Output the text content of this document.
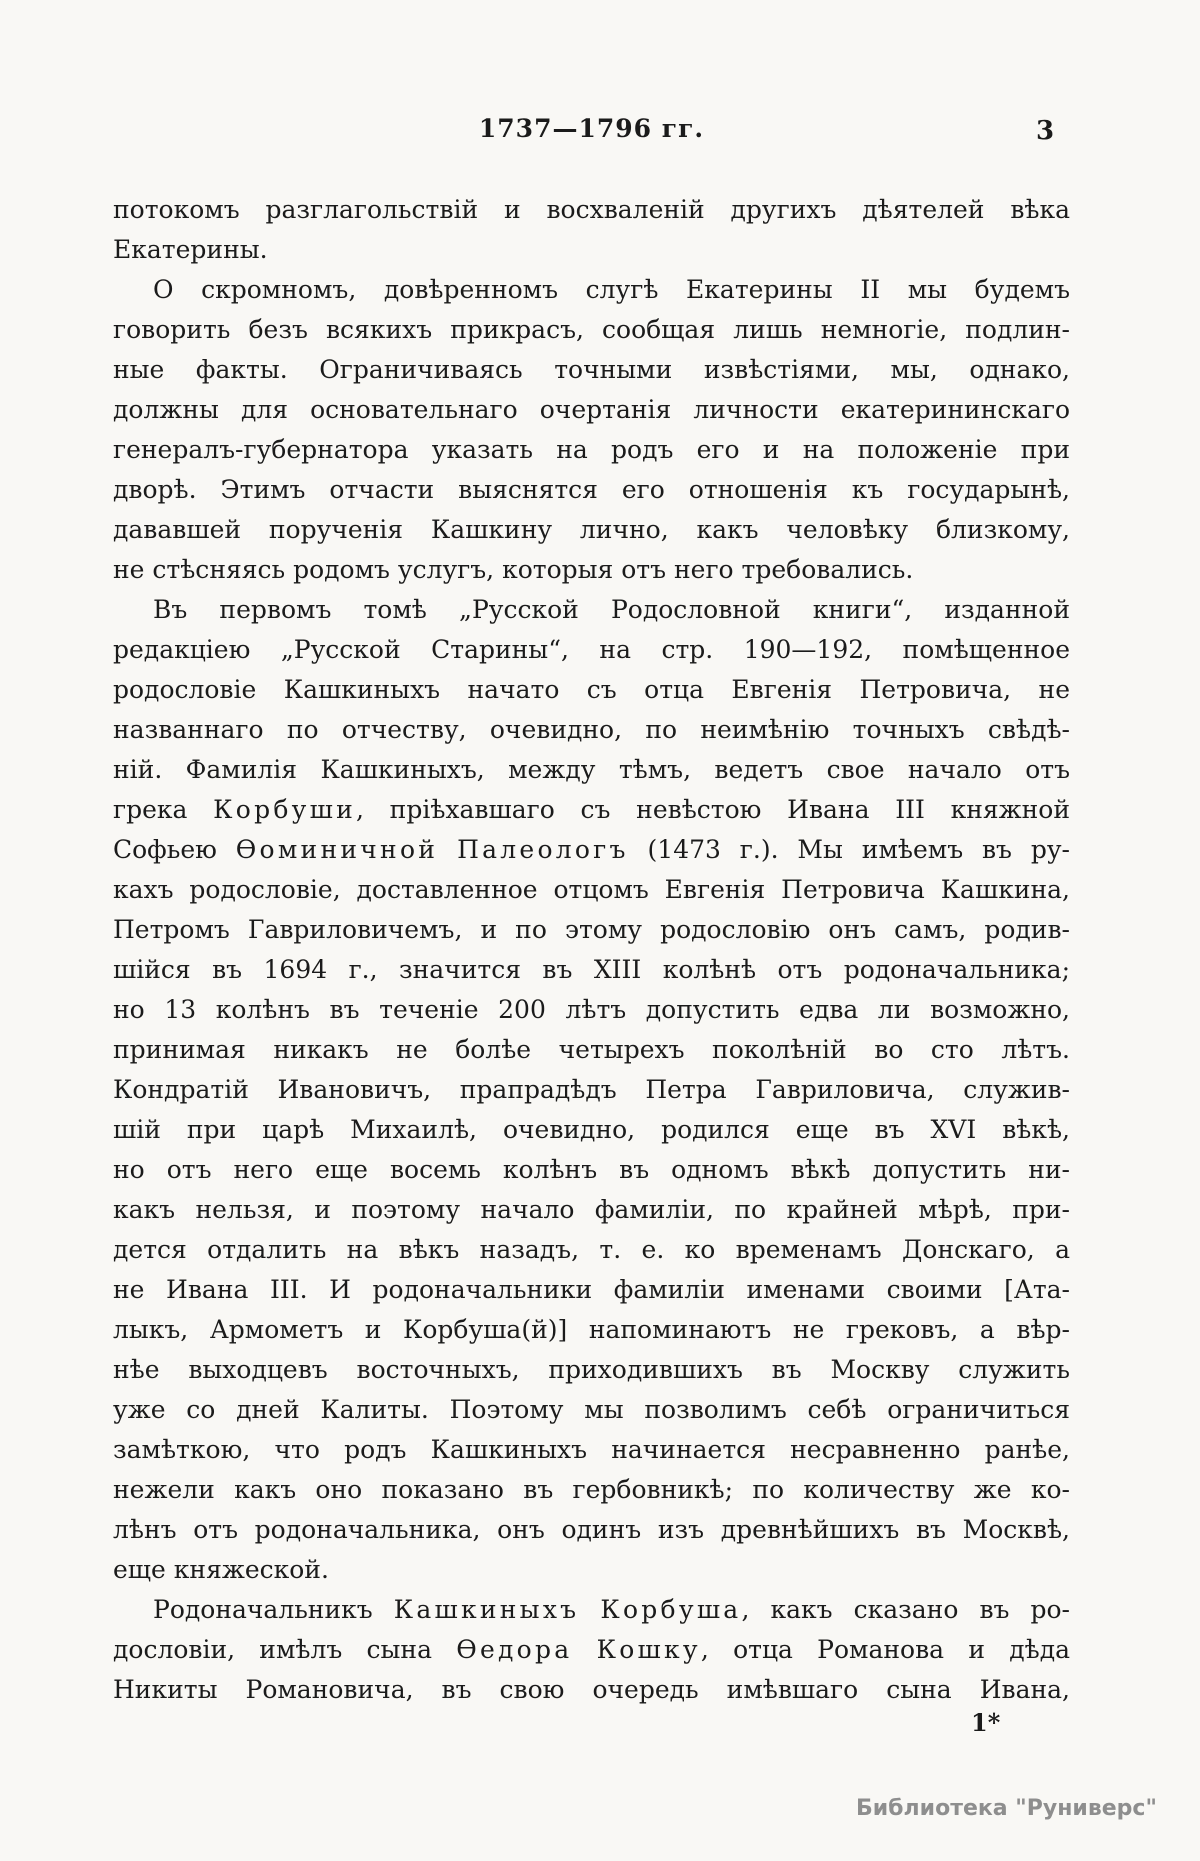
1737—1796 гг.	3
потокомъ разглагольствій и восхваленій другихъ дѣятелей вѣка
Екатерины.
О скромномъ, довѣренномъ слугѣ Екатерины II мы будемъ
говорить безъ всякихъ прикрасъ, сообщая лишь немногіе, подлин-
ные факты. Ограничиваясь точными извѣстіями, мы, однако,
должны для основательнаго очертанія личности екатерининскаго
генералъ-губернатора указать на родъ его и на положеніе при
дворѣ. Этимъ отчасти выяснятся его отношенія къ государынѣ,
дававшей порученія Кашкину лично, какъ человѣку близкому,
не стѣсняясь родомъ услугъ, которыя отъ него требовались.
Въ первомъ томѣ „Русской Родословной книги“, изданной
редакціею „Русской Старины“, на стр. 190—192, помѣщенное
родословіе Кашкиныхъ начато съ отца Евгенія Петровича, не
названнаго по отчеству, очевидно, по неимѣнію точныхъ свѣдѣ-
ній. Фамилія Кашкиныхъ, между тѣмъ, ведетъ свое начало отъ
грека Корбуши, пріѣхавшаго съ невѣстою Ивана III княжной
Софьею Ѳоминичной Палеологъ (1473 г.). Мы имѣемъ въ ру-
кахъ родословіе, доставленное отцомъ Евгенія Петровича Кашкина,
Петромъ Гавриловичемъ, и по этому родословію онъ самъ, родив-
шійся въ 1694 г., значится въ XIII колѣнѣ отъ родоначальника;
но 13 колѣнъ въ теченіе 200 лѣтъ допустить едва ли возможно,
принимая никакъ не болѣе четырехъ поколѣній во сто лѣтъ.
Кондратій Ивановичъ, прапрадѣдъ Петра Гавриловича, служив-
шій при царѣ Михаилѣ, очевидно, родился еще въ XVI вѣкѣ,
но отъ него еще восемь колѣнъ въ одномъ вѣкѣ допустить ни-
какъ нельзя, и поэтому начало фамиліи, по крайней мѣрѣ, при-
дется отдалить на вѣкъ назадъ, т. е. ко временамъ Донскаго, а
не Ивана III. И родоначальники фамиліи именами своими [Ата-
лыкъ, Армометъ и Корбуша(й)] напоминаютъ не грековъ, а вѣр-
нѣе выходцевъ восточныхъ, приходившихъ въ Москву служить
уже со дней Калиты. Поэтому мы позволимъ себѣ ограничиться
замѣткою, что родъ Кашкиныхъ начинается несравненно ранѣе,
нежели какъ оно показано въ гербовникѣ; по количеству же ко-
лѣнъ отъ родоначальника, онъ одинъ изъ древнѣйшихъ въ Москвѣ,
еще княжеской.
Родоначальникъ Кашкиныхъ Корбуша, какъ сказано въ ро-
дословіи, имѣлъ сына Ѳедора Кошку, отца Романова и дѣда
Никиты Романовича, въ свою очередь имѣвшаго сына Ивана,
1*
Библиотека "Руниверс"
